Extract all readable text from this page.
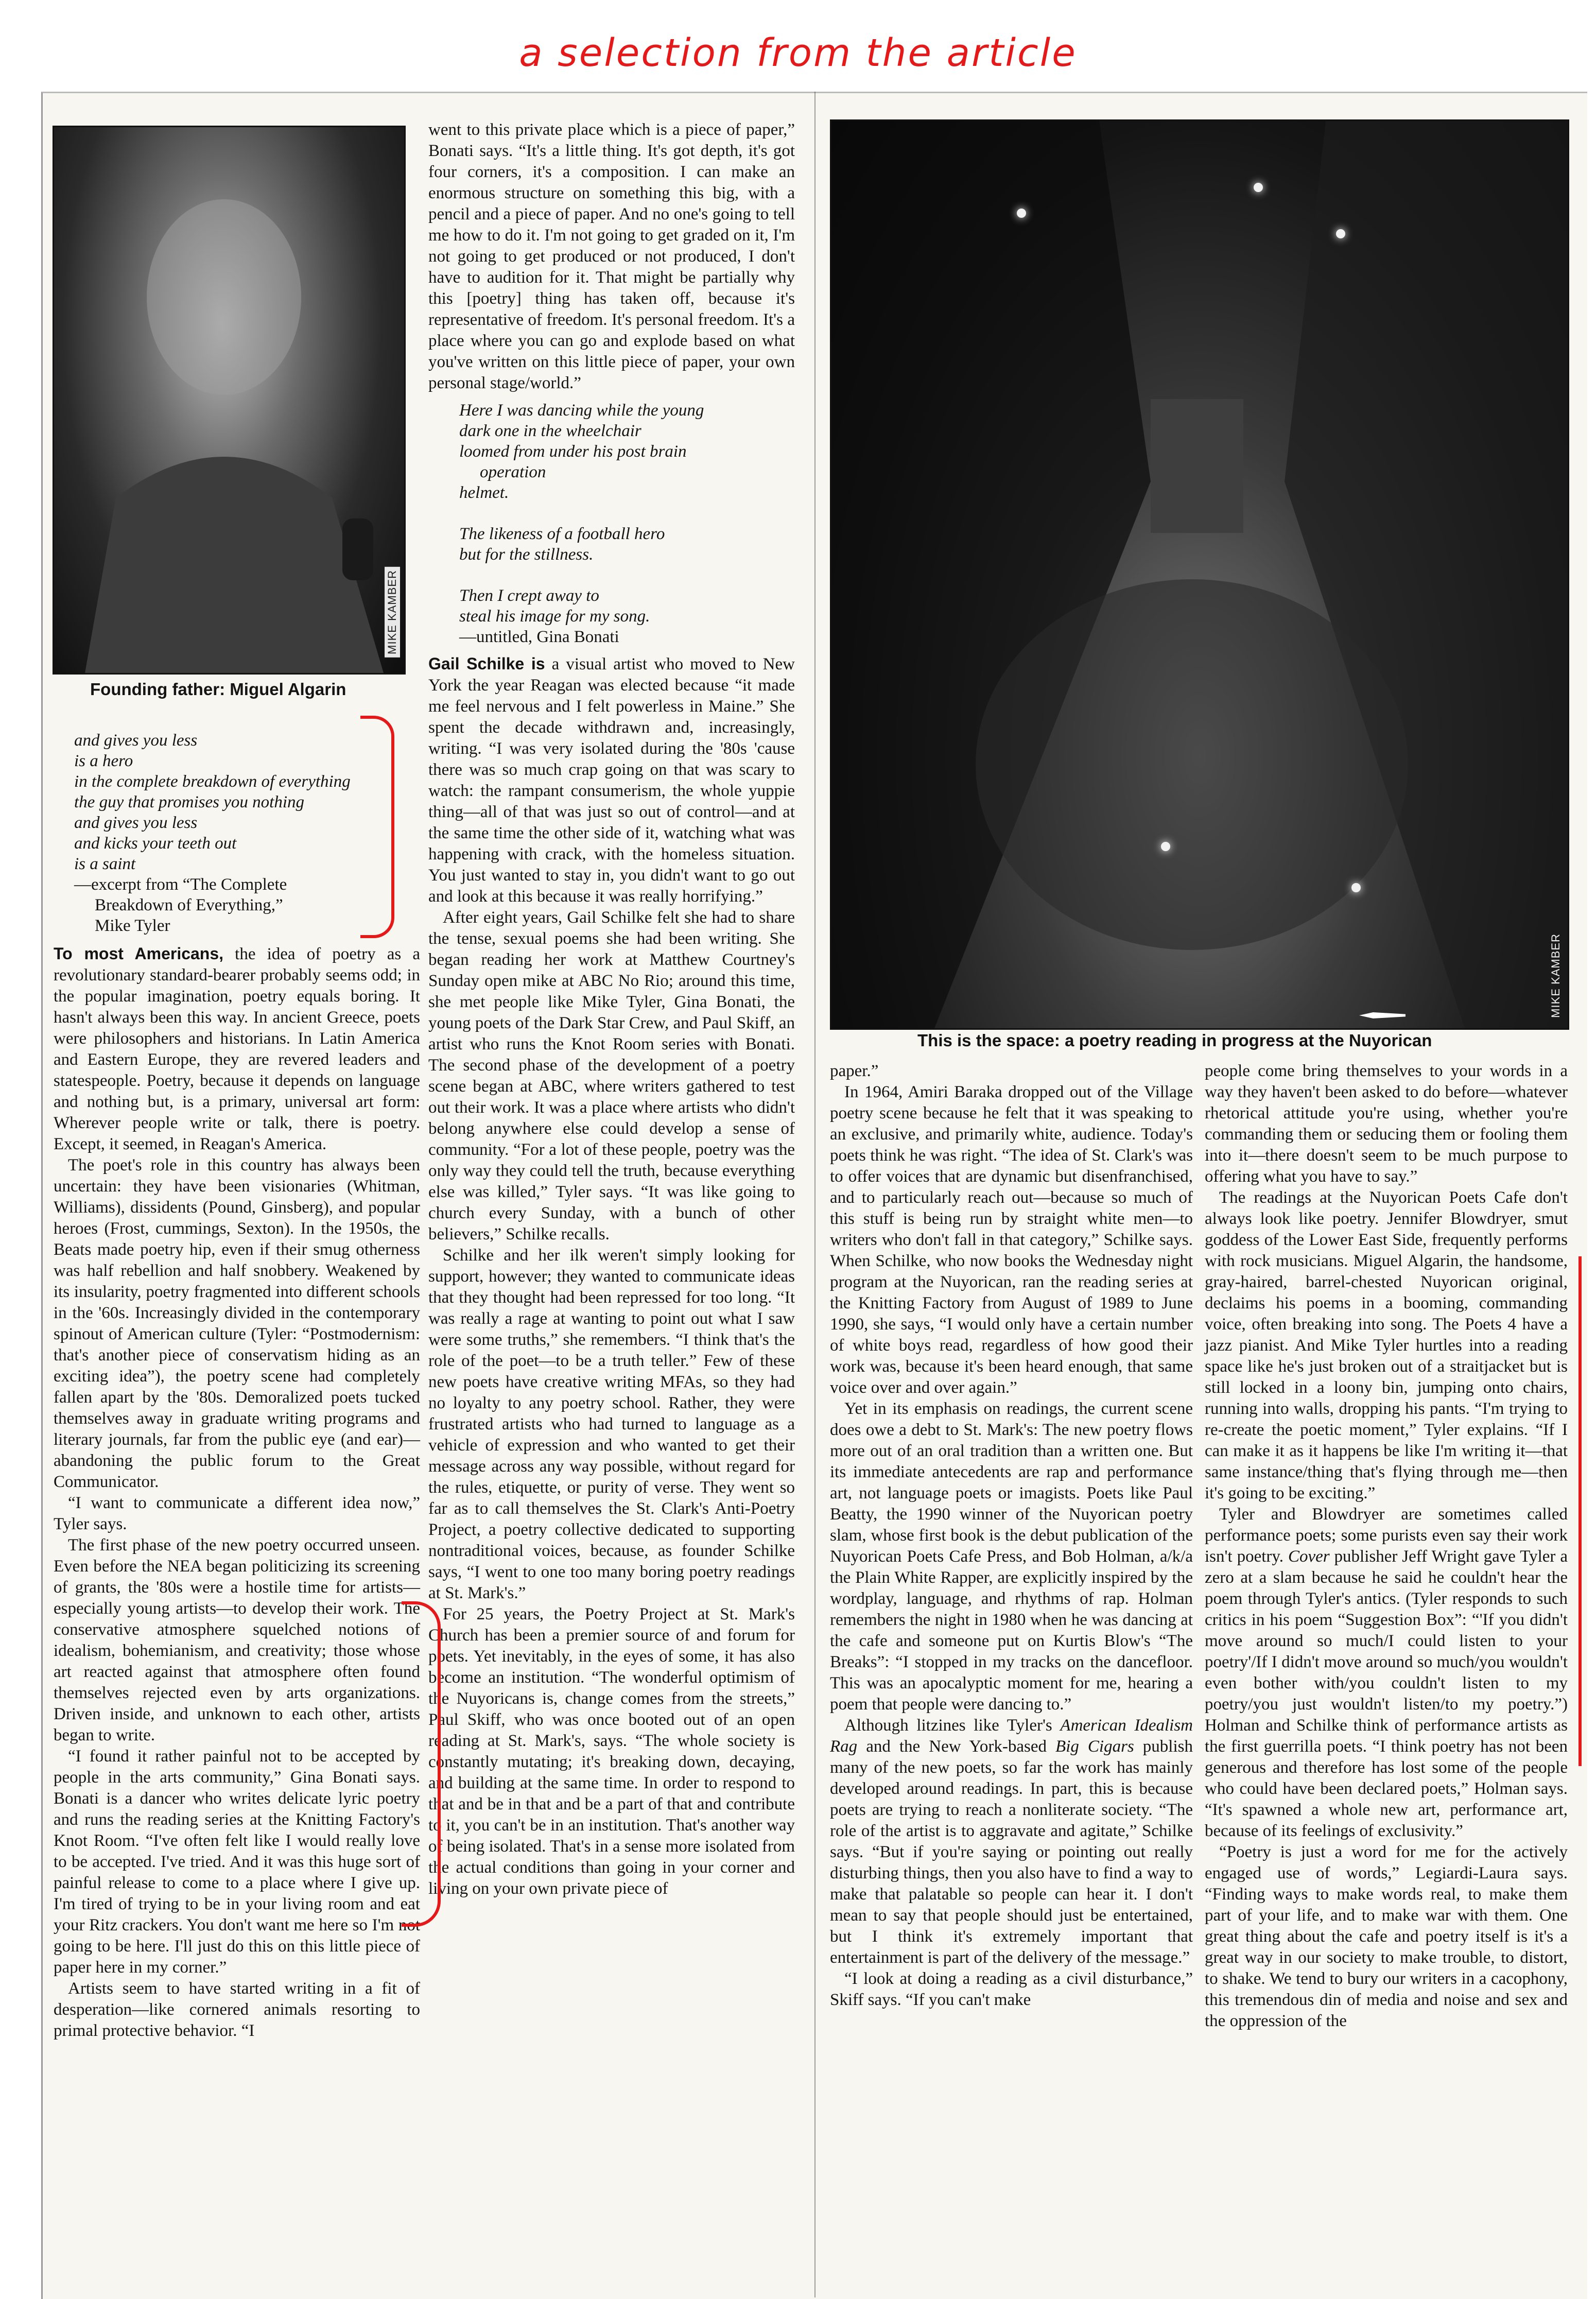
a selection from the article
MIKE KAMBER
Founding father: Miguel Algarin
MIKE KAMBER
This is the space: a poetry reading in progress at the Nuyorican
and gives you less
is a hero
in the complete breakdown of everything
the guy that promises you nothing
and gives you less
and kicks your teeth out
is a saint
—excerpt from “The Complete
Breakdown of Everything,”
Mike Tyler

To most Americans, the idea of poetry as a revolutionary standard-bearer probably seems odd; in the popular imagination, poetry equals boring. It hasn't always been this way. In ancient Greece, poets were philosophers and historians. In Latin America and Eastern Europe, they are revered leaders and statespeople. Poetry, because it depends on language and nothing but, is a primary, universal art form: Wherever people write or talk, there is poetry. Except, it seemed, in Reagan's America.

The poet's role in this country has always been uncertain: they have been visionaries (Whitman, Williams), dissidents (Pound, Ginsberg), and popular heroes (Frost, cummings, Sexton). In the 1950s, the Beats made poetry hip, even if their smug otherness was half rebellion and half snobbery. Weakened by its insularity, poetry fragmented into different schools in the '60s. Increasingly divided in the contemporary spinout of American culture (Tyler: “Postmodernism: that's another piece of conservatism hiding as an exciting idea”), the poetry scene had completely fallen apart by the '80s. Demoralized poets tucked themselves away in graduate writing programs and literary journals, far from the public eye (and ear)—abandoning the public forum to the Great Communicator.

“I want to communicate a different idea now,” Tyler says.

The first phase of the new poetry occurred unseen. Even before the NEA began politicizing its screening of grants, the '80s were a hostile time for artists—especially young artists—to develop their work. The conservative atmosphere squelched notions of idealism, bohemianism, and creativity; those whose art reacted against that atmosphere often found themselves rejected even by arts organizations. Driven inside, and unknown to each other, artists began to write.

“I found it rather painful not to be accepted by people in the arts community,” Gina Bonati says. Bonati is a dancer who writes delicate lyric poetry and runs the reading series at the Knitting Factory's Knot Room. “I've often felt like I would really love to be accepted. I've tried. And it was this huge sort of painful release to come to a place where I give up. I'm tired of trying to be in your living room and eat your Ritz crackers. You don't want me here so I'm not going to be here. I'll just do this on this little piece of paper here in my corner.”

Artists seem to have started writing in a fit of desperation—like cornered animals resorting to primal protective behavior. “I

went to this private place which is a piece of paper,” Bonati says. “It's a little thing. It's got depth, it's got four corners, it's a composition. I can make an enormous structure on something this big, with a pencil and a piece of paper. And no one's going to tell me how to do it. I'm not going to get graded on it, I'm not going to get produced or not produced, I don't have to audition for it. That might be partially why this [poetry] thing has taken off, because it's representative of freedom. It's personal freedom. It's a place where you can go and explode based on what you've written on this little piece of paper, your own personal stage/world.”

Here I was dancing while the young
dark one in the wheelchair
loomed from under his post brain
operation
helmet.

The likeness of a football hero
but for the stillness.

Then I crept away to
steal his image for my song.
—untitled, Gina Bonati

Gail Schilke is a visual artist who moved to New York the year Reagan was elected because “it made me feel nervous and I felt powerless in Maine.” She spent the decade withdrawn and, increasingly, writing. “I was very isolated during the '80s 'cause there was so much crap going on that was scary to watch: the rampant consumerism, the whole yuppie thing—all of that was just so out of control—and at the same time the other side of it, watching what was happening with crack, with the homeless situation. You just wanted to stay in, you didn't want to go out and look at this because it was really horrifying.”

After eight years, Gail Schilke felt she had to share the tense, sexual poems she had been writing. She began reading her work at Matthew Courtney's Sunday open mike at ABC No Rio; around this time, she met people like Mike Tyler, Gina Bonati, the young poets of the Dark Star Crew, and Paul Skiff, an artist who runs the Knot Room series with Bonati. The second phase of the development of a poetry scene began at ABC, where writers gathered to test out their work. It was a place where artists who didn't belong anywhere else could develop a sense of community. “For a lot of these people, poetry was the only way they could tell the truth, because everything else was killed,” Tyler says. “It was like going to church every Sunday, with a bunch of other believers,” Schilke recalls.

Schilke and her ilk weren't simply looking for support, however; they wanted to communicate ideas that they thought had been repressed for too long. “It was really a rage at wanting to point out what I saw were some truths,” she remembers. “I think that's the role of the poet—to be a truth teller.” Few of these new poets have creative writing MFAs, so they had no loyalty to any poetry school. Rather, they were frustrated artists who had turned to language as a vehicle of expression and who wanted to get their message across any way possible, without regard for the rules, etiquette, or purity of verse. They went so far as to call themselves the St. Clark's Anti-Poetry Project, a poetry collective dedicated to supporting nontraditional voices, because, as founder Schilke says, “I went to one too many boring poetry readings at St. Mark's.”

For 25 years, the Poetry Project at St. Mark's Church has been a premier source of and forum for poets. Yet inevitably, in the eyes of some, it has also become an institution. “The wonderful optimism of the Nuyoricans is, change comes from the streets,” Paul Skiff, who was once booted out of an open reading at St. Mark's, says. “The whole society is constantly mutating; it's breaking down, decaying, and building at the same time. In order to respond to that and be in that and be a part of that and contribute to it, you can't be in an institution. That's another way of being isolated. That's in a sense more isolated from the actual conditions than going in your corner and living on your own private piece of

paper.”

In 1964, Amiri Baraka dropped out of the Village poetry scene because he felt that it was speaking to an exclusive, and primarily white, audience. Today's poets think he was right. “The idea of St. Clark's was to offer voices that are dynamic but disenfranchised, and to particularly reach out—because so much of this stuff is being run by straight white men—to writers who don't fall in that category,” Schilke says. When Schilke, who now books the Wednesday night program at the Nuyorican, ran the reading series at the Knitting Factory from August of 1989 to June 1990, she says, “I would only have a certain number of white boys read, regardless of how good their work was, because it's been heard enough, that same voice over and over again.”

Yet in its emphasis on readings, the current scene does owe a debt to St. Mark's: The new poetry flows more out of an oral tradition than a written one. But its immediate antecedents are rap and performance art, not language poets or imagists. Poets like Paul Beatty, the 1990 winner of the Nuyorican poetry slam, whose first book is the debut publication of the Nuyorican Poets Cafe Press, and Bob Holman, a/k/a the Plain White Rapper, are explicitly inspired by the wordplay, language, and rhythms of rap. Holman remembers the night in 1980 when he was dancing at the cafe and someone put on Kurtis Blow's “The Breaks”: “I stopped in my tracks on the dancefloor. This was an apocalyptic moment for me, hearing a poem that people were dancing to.”

Although litzines like Tyler's American Idealism Rag and the New York-based Big Cigars publish many of the new poets, so far the work has mainly developed around readings. In part, this is because poets are trying to reach a nonliterate society. “The role of the artist is to aggravate and agitate,” Schilke says. “But if you're saying or pointing out really disturbing things, then you also have to find a way to make that palatable so people can hear it. I don't mean to say that people should just be entertained, but I think it's extremely important that entertainment is part of the delivery of the message.”

“I look at doing a reading as a civil disturbance,” Skiff says. “If you can't make

people come bring themselves to your words in a way they haven't been asked to do before—whatever rhetorical attitude you're using, whether you're commanding them or seducing them or fooling them into it—there doesn't seem to be much purpose to offering what you have to say.”

The readings at the Nuyorican Poets Cafe don't always look like poetry. Jennifer Blowdryer, smut goddess of the Lower East Side, frequently performs with rock musicians. Miguel Algarin, the handsome, gray-haired, barrel-chested Nuyorican original, declaims his poems in a booming, commanding voice, often breaking into song. The Poets 4 have a jazz pianist. And Mike Tyler hurtles into a reading space like he's just broken out of a straitjacket but is still locked in a loony bin, jumping onto chairs, running into walls, dropping his pants. “I'm trying to re-create the poetic moment,” Tyler explains. “If I can make it as it happens be like I'm writing it—that same instance/thing that's flying through me—then it's going to be exciting.”

Tyler and Blowdryer are sometimes called performance poets; some purists even say their work isn't poetry. Cover publisher Jeff Wright gave Tyler a zero at a slam because he said he couldn't hear the poem through Tyler's antics. (Tyler responds to such critics in his poem “Suggestion Box”: “'If you didn't move around so much/I could listen to your poetry'/If I didn't move around so much/you wouldn't even bother with/you couldn't listen to my poetry/you just wouldn't listen/to my poetry.”) Holman and Schilke think of performance artists as the first guerrilla poets. “I think poetry has not been generous and therefore has lost some of the people who could have been declared poets,” Holman says. “It's spawned a whole new art, performance art, because of its feelings of exclusivity.”

“Poetry is just a word for me for the actively engaged use of words,” Legiardi-Laura says. “Finding ways to make words real, to make them part of your life, and to make war with them. One great thing about the cafe and poetry itself is it's a great way in our society to make trouble, to distort, to shake. We tend to bury our writers in a cacophony, this tremendous din of media and noise and sex and the oppression of the
